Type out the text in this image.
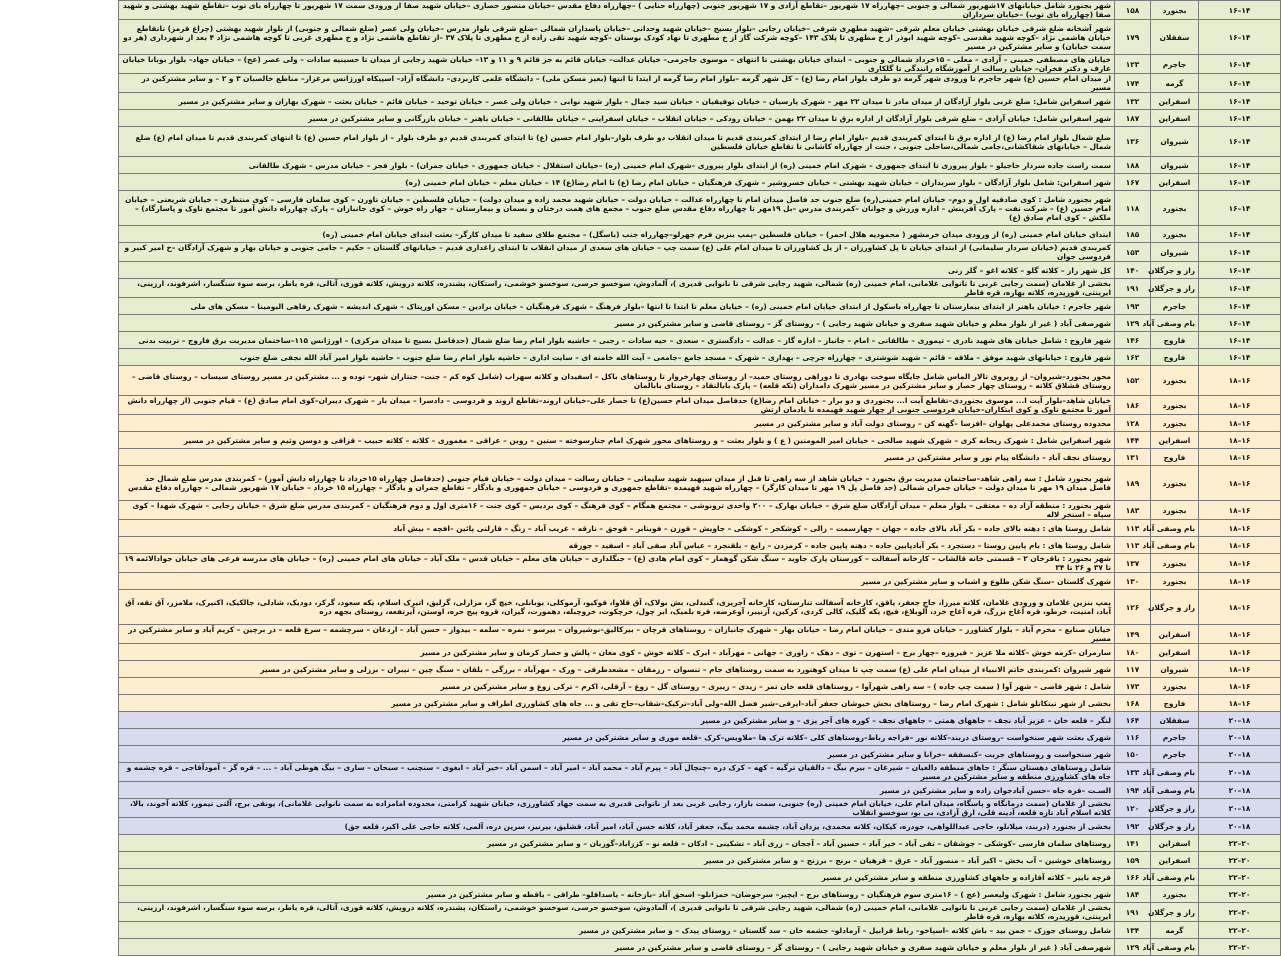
۱۴–۱۶	بجنورد	۱۵۸	شهر بجنورد شامل خیابانهای ۱۷شهریور شمالی و جنوبی –چهارراه ۱۷ شهریور –تقاطع آزادی و ۱۷ شهریور جنوبی (چهارراه حنایی ) –چهارراه دفاع مقدس –خیابان منصور حصاری –خیابان شهید صفا از ورودی سمت ۱۷ شهریور تا چهارراه بای توب –تقاطع شهید بهشتی و شهید صفا (چهارراه بای توب) –خیابان سرداران
۱۴–۱۶	سفقلان	۱۷۹	شهر آشخانه ضلع شرقی خیابان بهشتی خیابان معلم شرقی –شهید مطهری شرقی –خیابان رجایی –بلوار بسیج –خیابان شهید وحدانی –خیابان پاسداران شمالی –ضلع شرقی بلوار مدرس –خیابان ولی عصر (ضلع شمالی و جنوبی) از بلوار شهید بهشتی (چراغ قرمز) تاتقاطع خیابان هاشمی نژاد –کوچه شهید مقدسی –کوچه شهید ابوذر از خ مطهری تا پلاک ۱۴۳ –کوچه شرکت گاز از خ مطهری تا نهاد کودک بوستان –کوچه شهید تقی زاده از خ مطهری تا پلاک ۳۷ –از تقاطع هاشمی نژاد و خ مطهری غربی تا کوچه هاشمی نژاد ۴ بعد از شهرداری (هر دو سمت خیابان) و سایر مشترکین در مسیر
۱۴–۱۶	جاجرم	۱۲۳	خیابان های مصطفی خمینی – آزادی – معلی – ۱۵خرداد شمالی و جنوبی – ابتدای خیابان بهشتی تا انتهای – موسوی جاجرمی– خیابان عدالت– خیابان قائم به جز قائم ۹ و ۱۱ و ۱۳– خیابان شهید رجایی از میدان تا حسینیه سادات – ولی عصر (عج) – خیابان جهاد– بلوار بوبانا خیابان عارف و دکتر فخران– خیابان رسالت از آموزشگاه رانندگی تا گلکاری
۱۴–۱۶	گرمه	۱۷۴	از میدان امام حسین (ع) شهر جاجرم تا ورودی شهر گرمه دو طرف بلوار امام رضا (ع) – کل شهر گرمه –بلوار امام رضا گرمه از ابتدا تا انتها (بعیز مسکن ملی) – دانشگاه علمی کاربردی– دانشگاه آزاد– اسپیکاه اورژانس مرغزار– مناطع خالصبان ۳ و ۲ – و سایر مشترکین در مسیر
۱۴–۱۶	اسفراین	۱۳۲	شهر اسفراین شامل: ضلع غربی بلوار آزادگان از میدان مادر تا میدان ۲۲ مهر – شهرک پارسیان – خیابان توفیقیان – خیابان سید جمال – بلوار شهید نوابی – خیابان ولی عصر – خیابان توحید – خیابان قائم – خیابان بعثت – شهرک بهاران و سایر مشترکین در مسیر
۱۴–۱۶	اسفراین	۱۸۷	شهر اسفراین شامل: خیابان آزادی – ضلع شرقی بلوار آزادگان از اداره برق تا میدان ۲۲ بهمن – خیابان رودکی – خیابان انقلاب – خیابان اسفراینی – خیابان طالقانی – خیابان باهنر – خیابان بازرگانی و سایر مشترکین در مسیر
۱۴–۱۶	شیروان	۱۳۶	ضلع شمال بلوار امام رضا (ع) از اداره برق تا ابتدای کمربندی قدیم –بلوار امام رضا از ابتدای کمربندی قدیم تا میدان انقلاب دو طرف بلوار–بلوار امام حسین (ع) تا ابتدای کمربندی قدیم دو طرف بلوار – از بلوار امام حسین (ع) تا انتهای کمربندی قدیم تا میدان امام (ع) ضلع شمال – خیابانهای شقاکشانی،جامی شمالی،ساحلی جنوبی ، جنت از چهارراه کاشانی تا تقاطع خیابان فلسطین
۱۴–۱۶	شیروان	۱۸۸	سمت راست جاده سردار حاجیلو – بلوار پیروزی تا ابتدای جمهوری – شهرک امام خمینی (ره) از ابتدای بلوار پیروزی –شهرک امام خمینی (ره) –خیابان استقلال – خیابان جمهوری – خیابان جمران) – بلوار فجر – خیابان مدرس – شهرک طالقانی
۱۴–۱۶	اسفراین	۱۶۷	شهر اسفراین: شامل بلوار آزادگان – بلوار سربداران – خیابان شهید بهشتی – خیابان خسروشیر – شهرک فرهنگیان – خیابان امام رضا (ع) تا امام رضا(ع) ۱۴ – خیابان معلم – خیابان امام خمینی (ره)
۱۴–۱۶	بجنورد	۱۱۸	شهر بجنورد شامل : کوی صادقیه اول و دوم– خیابان امام خمینی(ره) ضلع جنوب حد فاصل میدان امام تا چهارراه عدالت – خیابان دولت – خیابان شهید محمد زاده و میدان دولت) – خیابان فلسطین – خیابان تاورن – کوی سلمان فارسی – کوی منتظری – خیابان شریعتی – خیابان امام حسین (ع) – شرکت نفت – پارک آفرینش – اداره ورزش و جوانان –کمربندی مدرس –بل ۱۹مهر تا چهارراه دفاع مقدس ضلع جنوب – مجمع های همت درختان و بسمان و بیمارستان – جهار راه خوش – کوی جانبازان – پارک چهارراه دانش آموز تا مجتمع تاوک و پاسارگاد) –ملکش – کوی امام صادق (ع)
۱۴–۱۶	بجنورد	۱۸۵	ابتدای خیابان امام خمینی (ره) از ورودی میدان خرمشهر ( محمودیه هلال احمر) – خیابان فلسطین –پمپ بنزین فرم جهرلو–چهارراه جنب (باسگل) – مجتمع طلای سفید تا میدان کارگر– بعثت ابتدای خیابان امام خمینی (ره)
۱۴–۱۶	شیروان	۱۵۳	کمربندی قدیم (خیابان سردار سلیمانی) از ابتدای خیابان تا پل کشاورزان – از پل کشاورزان تا میدان امام علی (ع) سمت چپ – خیابان های سعدی از میدان انقلاب تا ابتدای زاغداری قدیم – خیابانهای گلستان – حکیم – جامی جنوبی و خیابان بهار و شهرک آزادگان –خ امیر کبیر و فردوسی جوان
۱۴–۱۶	راز و جرگلان	۱۴۰	کل شهر راز – کلاته گلو – کلاته اغو – گلر زنی
۱۴–۱۶	راز و جرگلان	۱۹۱	بخشی از غلامان (سمت رجایی غربی تا تانوایی غلامانی، امام خمینی (ره) شمالی، شهید رجایی شرقی تا نانوایی قدیری )، آلمادوش، سوخسو حرسی، سوخسو خوشمی، راستکان، پشندره، کلاته درویش، کلاته قوزی، آتالی، قره باطر، برسه سوء سنگسار، اشرفوند، ارزینی، ایرینتی، قوریدره، کلاته بهاره، قره قاطر
۱۴–۱۶	جاجرم	۱۹۳	شهر جاجرم : خیابان باهنر از ابتدای بیمارستان تا چهارراه باسکول از ابتدای خیابان امام خمینی (ره) – خیابان معلم تا ابتدا تا انتها –بلوار فرهنگ – شهرک فرهنگیان – خیابان برادین – مسکن اورپتاک – شهرک اندیشه – شهرک رفاهی البومینا – مسکن های ملی
۱۴–۱۶	بام وصفی آباد	۱۲۹	شهرصفی آباد ( غیر از بلوار معلم و خیابان شهید صفری و خیابان شهید رجایی ) – روستای گز – روستای قاضی و سایر مشترکین در مسیر
۱۴–۱۶	فاروج	۱۴۶	شهر فاروج : شامل خیابان های شهید نادری – تیموری – طالقانی – امام – جانباز – اداره گاز – عدالت – دادگستری – سعدی – حیه سادات – رجبی – حاشیه بلوار امام رضا ضلع شمال (حدفاصل بسیج تا میدان مرکزی) – اورژانس ۱۱۵–ساختمان مدیریت برق فاروج – تربیت بدنی
۱۴–۱۶	فاروج	۱۶۲	شهر فاروج : خیابانهای شهید موفق – ملاقه – قائم – شهید شوشتری – چهارراه جرچی – بهداری – شهرک – مسجد جامع –جامعی – آیت الله خامنه ای – سایت اداری – حاشیه بلوار امام رضا ضلع جنوب – حاشیه بلوار امیر آباد الله نجفی ضلع جنوب
۱۶–۱۸	بجنورد	۱۵۲	محور بجنورد–شیروان– از روبروی تالار الماس شامل جایگاه سوخت بهادری تا دوراهی روستای حمید– از روستای چهارخروار تا روستاهای باکل – اسفیدان و کلاته سهراب (شامل کوه کم – جنت– جنتاران شهر– توده و ... مشترکین در مسیر روستای سیساب – روستای قاضی – روستای قشلاق کلاته – روستای چهار حصار و سایر مشترکین در مسیر شهرک دامداران (تکه قلعه) – پارک بابالنقاد – روستای بابالمان
۱۶–۱۸	بجنورد	۱۸۶	خیابان شاهد–بلوار آیت ا... موسوی بجنوردی–تقاطع آیت ا... بجنوردی و دو برار – خیابان امام رضا(ع) حدفاصل میدان امام حسین(ع) تا حصار علی–خیابان اروند–تقاطع اروند و فردوسی – دادسرا – میدان بار – شهرک دیبران–کوی امام صادق (ع) – قیام جنوبی (از چهارراه دانش آموز تا مجتمع تاوک و کوی ابتکاران–خیابان فردوسی جنوبی از چهار شهید فهیمده تا یادمان ارتش
۱۶–۱۸	بجنورد	۱۲۸	محدوده روستای محمدعلی پهلوان –افزسا –گهنه کن – روستای دولت آباد و سایر مشترکین در مسیر
۱۶–۱۸	اسفراین	۱۴۴	شهر اسفراین شامل : شهرک ریحانه کری – شهرک شهید صالحی – خیابان امیر المومنین ( ع ) و بلوار بعثت – و روستاهای محور شهرک امام جنارسوخته – ستین – روین – عراقی – مغموری – کلاته – کلاته حبیب – قزاقی و دوسن وثیم و سایر مشترکین در مسیر
۱۶–۱۸	فاروج	۱۳۱	روستای نجف آباد – دانشگاه پیام نور و سایر مشترکین در مسیر
۱۶–۱۸	بجنورد	۱۸۹	شهر بجنورد شامل : سه راهی شاهد–ساختمان مدیریت برق بجنورد – خیابان شاهد از سه راهی تا قبل از میدان سپهبد شهید سلیمانی – خیابان رسالت – میدان دولت – خیابان قیام جنوبی (حدفاصل چهارراه ۱۵خرداد تا چهارراه دانش آموز) – کمربندی مدرس ضلع شمال حد فاصل میدان ۱۹ مهر تا میدان دولت – خیابان جمران شمالی (حد فاصل پل ۱۹ مهر تا میدان کارگر) – چهارراه شهید قهیمده –تقاطع جمهوری و فردوسی – خیابان جمهوری و یادگار – تقاطع جمران و یادگار – چهارراه ۱۵ خرداد – خیابان ۱۷ شهریور شمالی – چهارراه دفاع مقدس
۱۶–۱۸	بجنورد	۱۸۳	شهر بجنورد : منطقه آزاد ده – معتقی – بلوار معلم – میدان آزادگان ضلع شرق – خیابان بهارک – ۲۰۰ واحدی ترونوشی – مجتمع همگام – کوی فرهنگ – کوی بردیس – کوی جنت – ۱۶متری اول و دوم فرهنگیان – کمربندی مدرس ضلع شرق – خیابان رجایی – شهرک شهدا – کوی سپاه – استخر لاله
۱۶–۱۸	بام وصفی آباد	۱۱۳	شامل روستا های : دهنه بالای جاده – بکر آباد بالای جاده – جهان – چهارسمت – زالی – کوشکجر – کوشکی – جاویش – قوزن – فوبنابر – قوجق – نارقه – غریب آباد – زنگ – قارلنی پائین –افچه – بیش آباد
۱۶–۱۸	بام وصفی آباد	۱۱۳	شامل روستا های : بام پایین روستا – دستجرد – بکر آبادپایین جاده – دهنه پایین جاده – کرمزدن – رابغ – بلقنجرد – عباس آباد صفی آباد – اسفید – جوزقه
۱۶–۱۸	بجنورد	۱۳۷	شهر بجنورد : باقرخان ۲ – قسمتی خانه قالشاب – کارخانه آسفالت – کورستان پارک جاوید – سنگ شکن گوهمار – کوی امام هادی (ع) – جنگلداری – خیابان های معلم – خیابان قدس – ملک آباد – خیابان های امام خمینی (ره) – خیابان های مدرسه فرعی های خیابان جوادالائمه ۱۹ تا ۳۷ و ۲۶ تا ۳۴
۱۶–۱۸	بجنورد	۱۳۰	شهرک گلستان –سنگ شکن طلوع و اشباب و سایر مشترکین در مسیر
۱۶–۱۸	راز و جرگلان	۱۲۶	پمپ بنزین غلامان و ورودی غلامان، کلاته میرزا، حاج جعفر، یاقق، کارخانه آسفالت تنارستان، کارخانه آجرپزی، گنبدلی، بش بولاک، آق قلاوا، قوکیو، آرموکلی، بوبانلی، خیچ گز، مزارلی، گرلیق، اتیرک اسلام، یکه سعود، گرکز، دودیک، شادلی، جالکیک، اکنیرک، ملامزر، آق تقه، آق آباد، امنیت، خرطو، قره آغاج بزرگ، قره آغاج خرد، آلوبلاغ، فیچ، یکه گلیک، کالی کردی، کرکین، آرنیبر، آوعرضه، قره بلمیک، ابر چول، خرچکوت، خروچبله، دهمورت، گیران، قروه پیج حره، اوستن، آیرتفعه، روستای بجهه دره
۱۶–۱۸	اسفراین	۱۴۹	خیابان صنایع – محرم آباد – بلوار کشاورز – خیابان فرو مندی – خیابان امام رضا – خیابان بهار – شهرک جانبازان – روستاهای قرچان – بیرکالیق–نوشیروان – بیرسو – نمره – سلمه – بیدواز – حسن آباد – اردغان – سرچشمه – سرغ قلعه – در برچین – کریم آباد و سایر مشترکین در مسیر
۱۶–۱۸	اسفراین	۱۸۰	سارمران –کرمه خوش –کلاته ملا عزیز – فیروزه –چهار برج – استهرن – توی – دهک – زاوری – جهانی – مهرآباد – ابرک – کلاته خوش – کوی مغان – پالش و حصار کرمان و سایر مشترکین در مسیر
۱۶–۱۸	شیروان	۱۱۷	شهر شیروان :کمربندی خاتم الانبیاء از میدان امام علی (ع) سمت چپ تا میدان کوهنورد به سمت روستاهای جام – تنسوان – رزمقان – مشعدطرقی – ورک – مهرآباد – برزگی – بلقان – سنگ چین – نیبران – برزلی و سایر مشترکین در مسیر
۱۶–۱۸	بجنورد	۱۷۳	شامل : شهر قاضی – شهر آوا ( سمت چپ جاده ) – سه راهی شهرآوا – روستاهای قلعه خان تمر – زیدی – زیبری – روستای گل – زوغ – آرقلی، اکرم – ترکی زوغ و سایر مشترکین در مسیر
۱۶–۱۸	فاروج	۱۶۸	بخشی از شهر تیتکانلو شامل : شهرک امام رضا – روستاهای بخش خبوشان جعفر آباد–ایرقی–شیر فضل الله–ولی آباد–ترکیک–شقاب–حاج تقی و ... جاه های کشاورزی اطراف و سایر مشترکین در مسیر
۱۸–۲۰	سفقلان	۱۶۴	لنگر – قلعه خان – عزیز آباد نجف – جاههای همتی – جاههای نجف – کوره های آجر پزی – و سایر مشترکین در مسیر
۱۸–۲۰	جاجرم	۱۱۶	شهرک بعثت شهر سنخواست –روستای دربند–کلاته نور –فراجه رباط–روستاهای کلی –کلاته ترک ها –ملاویس–کرک –قلعه موری و سایر مشترکین در مسیر
۱۸–۲۰	جاجرم	۱۵۰	شهر سنخواست و روستاهای جربت –کنسفقه –خرانا و سایر مشترکین در مسیر
۱۸–۲۰	بام وصفی آباد	۱۳۳	شامل روستاهای دهستان سنگر : جاهای منطقه دالغیان – شیرغان – بیرم بیگ – دالقیان ترگیه – کهه – کرک دره –چنچال آباد – پیرم آباد – محمد آباد – امیر آباد – اسمن آباد –خیر آباد – ابغوی – سنچنب – سبحان – ساری – بیگ هوطی آباد – ... – قره گز – آمودآقاجی – قره چشمه و جاه های کشاورزی منطقه و سایر مشترکین در مسیر
۱۸–۲۰	بام وصفی آباد	۱۹۴	السـت –قره جاه –حسن آبادجوان زاده و سایر مشترکین در مسیر
۱۸–۲۰	راز و جرگلان	۱۲۰	بخشی از غلامان (سمت درمانگاه و پاسگاه، میدان امام علی، خیابان امام خمینی (ره) جنوبی، سمت بازار، رجایی غربی بعد از نانوایی قدیری به سمت جهاد کشاورزی، خیابان شهید کرامتی، محدوده امامزاده به سمت نانوایی غلامانی)، یونقی برج، آلتی تیمور، کلاته آخوند، بالا، کلاته اسلام آباد تازه قلعه، آدینه قلی، ارق آزادی، بی بو، سوخسو انقلاب
۱۸–۲۰	راز و جرگلان	۱۹۲	بخشی از بجنورد (دربند، میلانلو، حاجی عبداللواهی، جودره، کیکان، کلاته محمدی، یزدان آباد، چشمه محمد بیگ، جعفر آباد، کلاته حسن آباد، امیر آباد، قشلیق، بیرنیز، سرین دره، آلمی، کلاته حاجی علی اکبر، قلعه جق)
۲۰–۲۲	اسفراین	۱۴۱	روستاهای سلمان فارسی –کوشکی – جوشقان – تقی آباد – خیر آباد – حسین آباد – آججان – زری آباد – تشکینی – ادکان – قلعه نو – کززاباد–گوربان – و سایر مشترکین در مسیر
۲۰–۲۲	اسفراین	۱۵۹	روستاهای خوشین – آب بخش – اکبر آباد – منصور آباد – عرق – قرهیان – برنج – برزنج – و سایر مشترکین در مسیر
۲۰–۲۲	بام وصفی آباد	۱۶۶	قرچه باییر – کلاته آقازاده و جاههای کشاورزی منطقه و سایر مشترکین در مسیر
۲۰–۲۲	بجنورد	۱۸۴	شهر بجنورد شامل : شهرک ولیعصر (عج ) – ۱۶متری سوم فرهنگیان – روستاهای برج – ایچیر– سرحوضان– حمزانلو– اسحق آباد –بازخانه – یاسداقلو– طراقی – باقطه و سایر مشترکین در مسیر
۲۰–۲۲	راز و جرگلان	۱۹۱	بخشی از غلامان (سمت رجایی غربی تا نانوایی غلامانی، امام خمینی (ره) شمالی، شهید رجایی شرقی تا نانوایی قدیری )، آلمادوش، سوخسو حرسی، سوخسو خوشمی، راستکان، پشندره، کلاته درویش، کلاته قوزی، آتالی، قره باطر، برسه سوء سنگسار، اشرفوند، ارزینی، ایرینتی، قوریدره، کلاته بهاره، قره قاطر
۲۰–۲۲	گرمه	۱۳۴	شامل روستای جوزک – جمن بید – باش کلاته –اسپاخو– رباط قرابیل – آرمادلو– جشمه خان – سد گلستان – روستای پیدک – و سایر مشترکین در مسیر
۲۰–۲۲	بام وصفی آباد	۱۲۹	شهرصفی آباد ( غیر از بلوار معلم و خیابان شهید صفری و خیابان شهید رجایی ) – روستای گز – روستای قاضی و سایر مشترکین در مسیر
